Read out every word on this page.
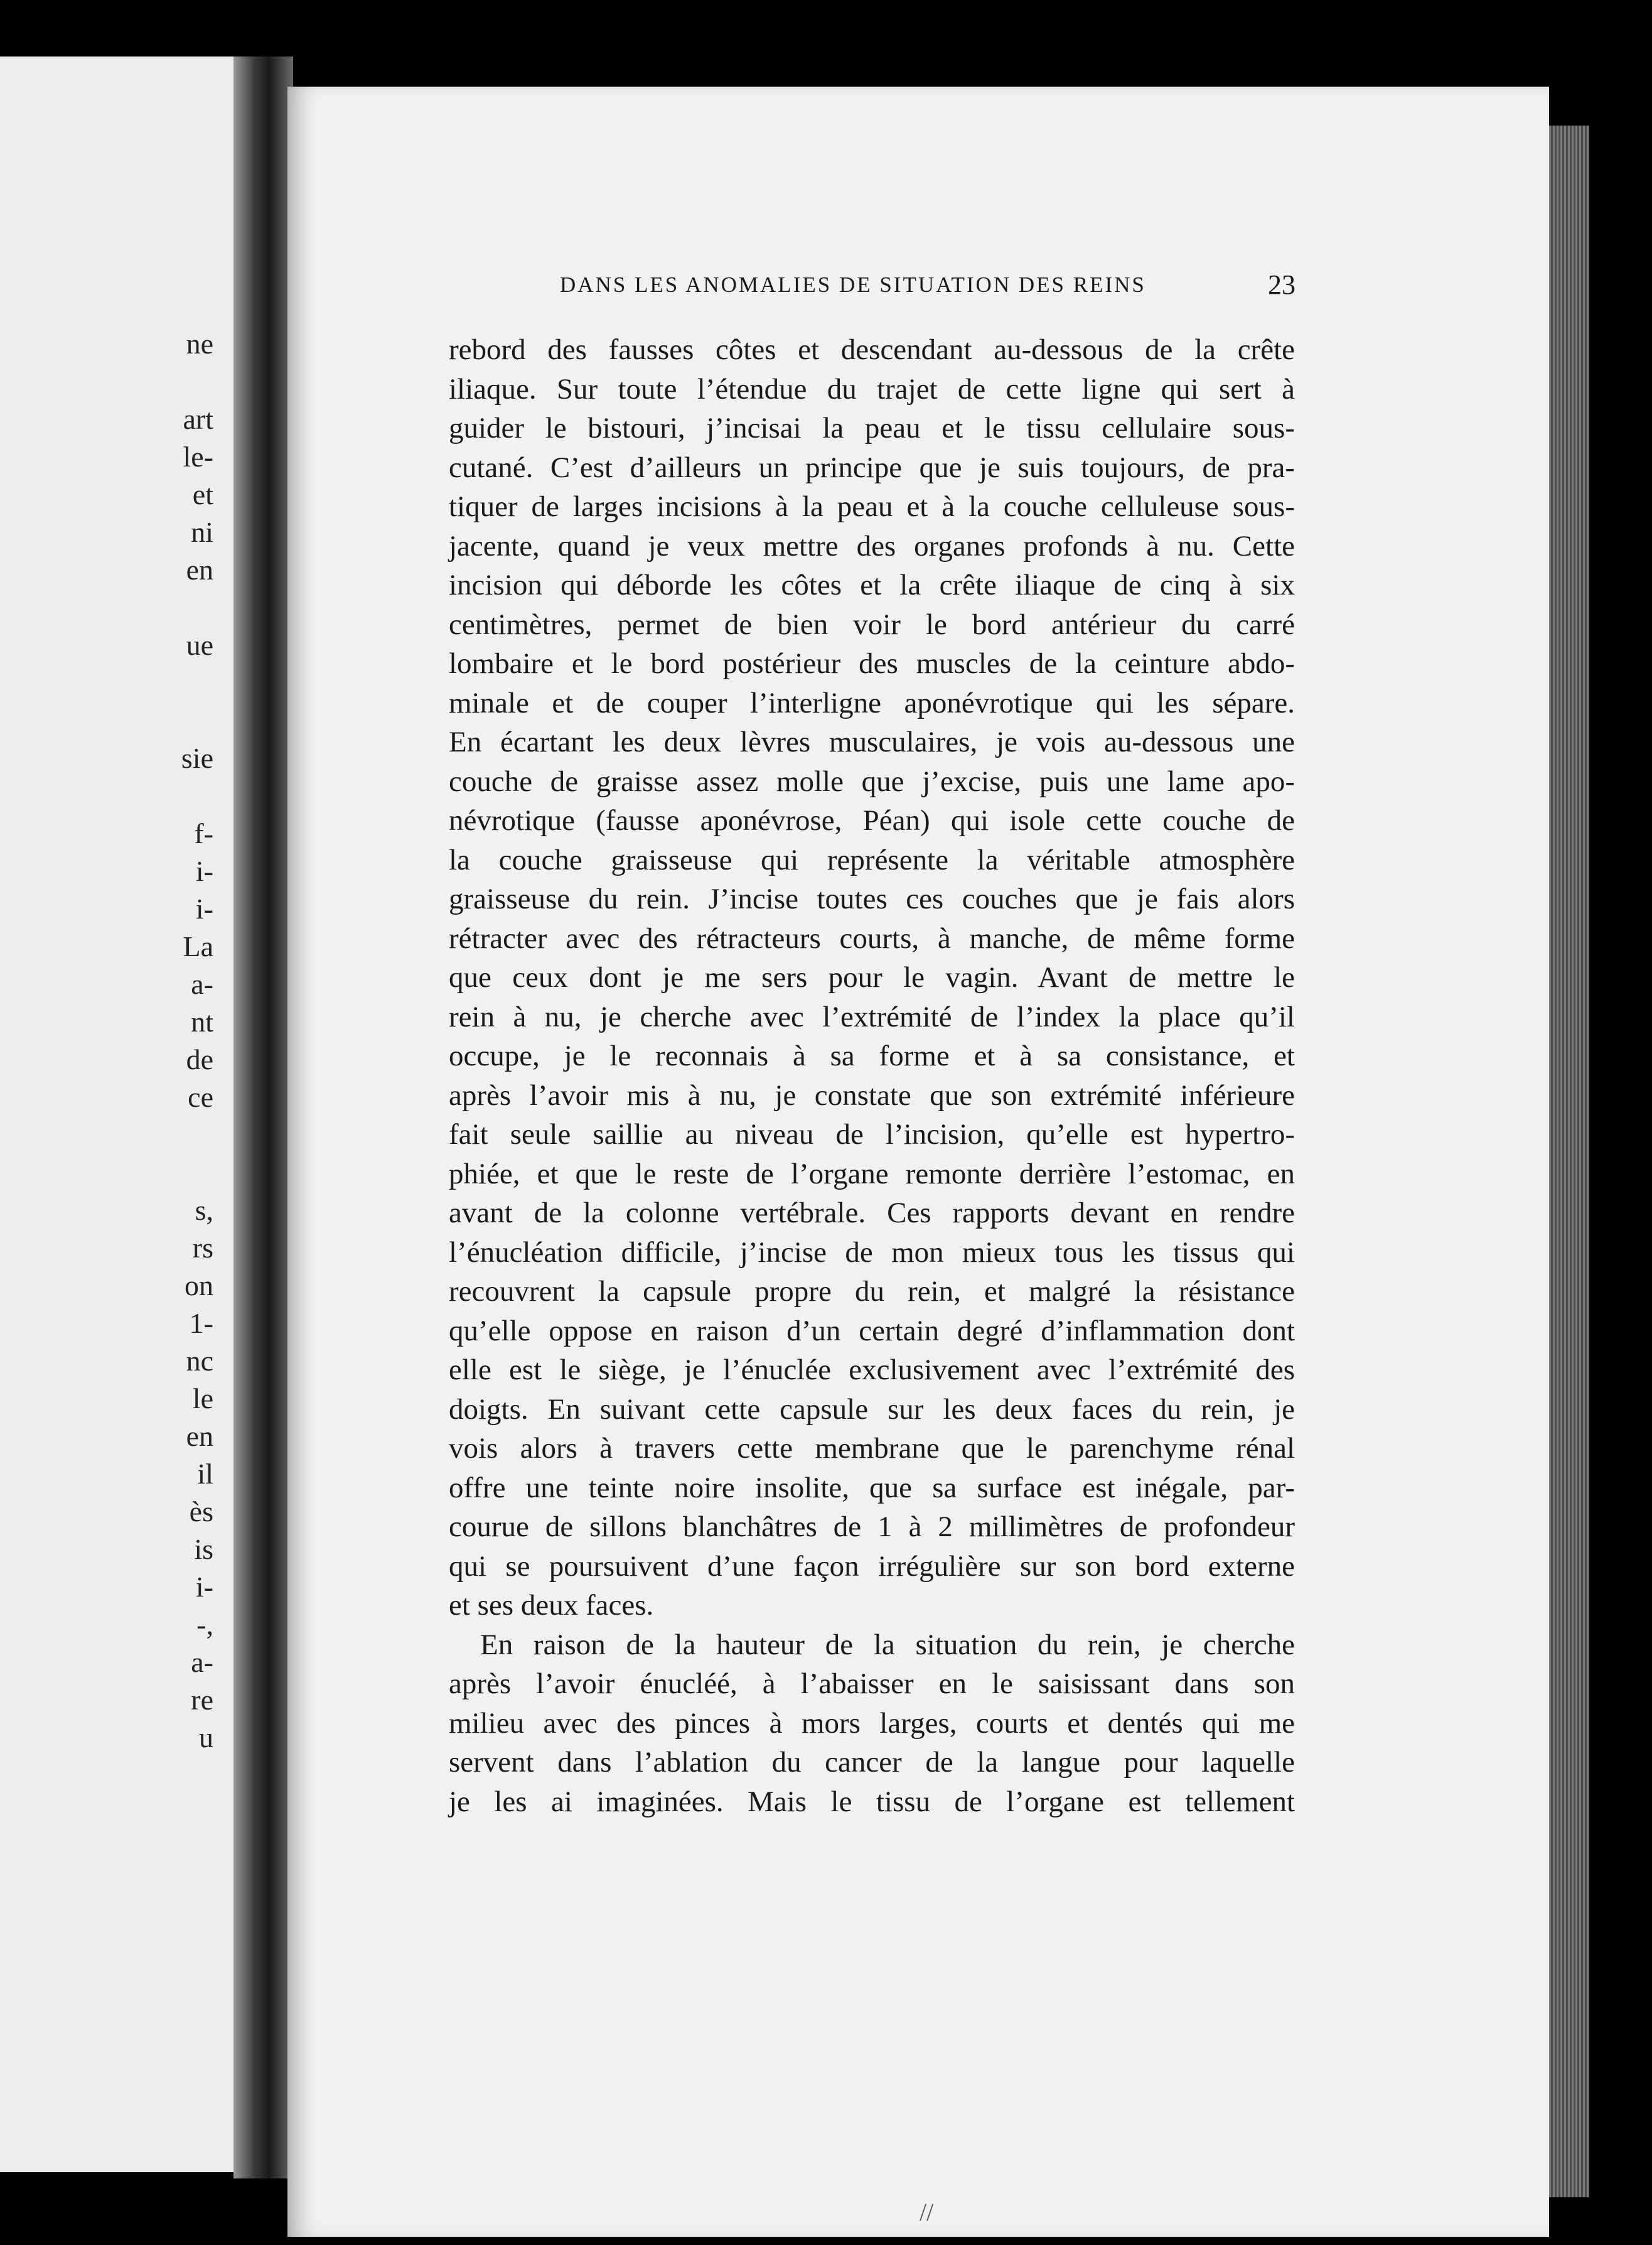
ne
art
le-
et
ni
en
ue
sie
f-
i-
i-
La
a-
nt
de
ce
s,
rs
on
1-
nc
le
en
il
ès
is
i-
-,
a-
re
u
DANS LES ANOMALIES DE SITUATION DES REINS	23
rebord des fausses côtes et descendant au-dessous de la crête
iliaque. Sur toute l’étendue du trajet de cette ligne qui sert à
guider le bistouri, j’incisai la peau et le tissu cellulaire sous-
cutané. C’est d’ailleurs un principe que je suis toujours, de pra-
tiquer de larges incisions à la peau et à la couche celluleuse sous-
jacente, quand je veux mettre des organes profonds à nu. Cette
incision qui déborde les côtes et la crête iliaque de cinq à six
centimètres, permet de bien voir le bord antérieur du carré
lombaire et le bord postérieur des muscles de la ceinture abdo-
minale et de couper l’interligne aponévrotique qui les sépare.
En écartant les deux lèvres musculaires, je vois au-dessous une
couche de graisse assez molle que j’excise, puis une lame apo-
névrotique (fausse aponévrose, Péan) qui isole cette couche de
la couche graisseuse qui représente la véritable atmosphère
graisseuse du rein. J’incise toutes ces couches que je fais alors
rétracter avec des rétracteurs courts, à manche, de même forme
que ceux dont je me sers pour le vagin. Avant de mettre le
rein à nu, je cherche avec l’extrémité de l’index la place qu’il
occupe, je le reconnais à sa forme et à sa consistance, et
après l’avoir mis à nu, je constate que son extrémité inférieure
fait seule saillie au niveau de l’incision, qu’elle est hypertro-
phiée, et que le reste de l’organe remonte derrière l’estomac, en
avant de la colonne vertébrale. Ces rapports devant en rendre
l’énucléation difficile, j’incise de mon mieux tous les tissus qui
recouvrent la capsule propre du rein, et malgré la résistance
qu’elle oppose en raison d’un certain degré d’inflammation dont
elle est le siège, je l’énuclée exclusivement avec l’extrémité des
doigts. En suivant cette capsule sur les deux faces du rein, je
vois alors à travers cette membrane que le parenchyme rénal
offre une teinte noire insolite, que sa surface est inégale, par-
courue de sillons blanchâtres de 1 à 2 millimètres de profondeur
qui se poursuivent d’une façon irrégulière sur son bord externe
et ses deux faces.
En raison de la hauteur de la situation du rein, je cherche
après l’avoir énucléé, à l’abaisser en le saisissant dans son
milieu avec des pinces à mors larges, courts et dentés qui me
servent dans l’ablation du cancer de la langue pour laquelle
je les ai imaginées. Mais le tissu de l’organe est tellement
//
